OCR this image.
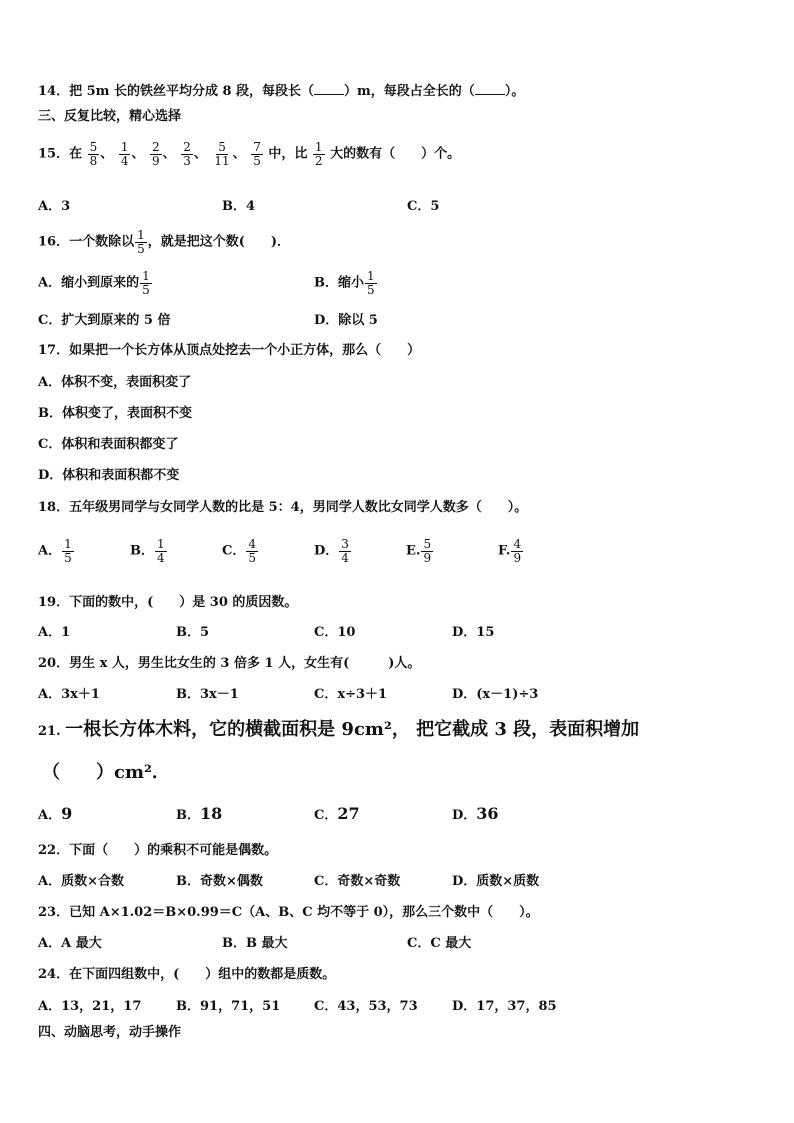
14．把 5m 长的铁丝平均分成 8 段，每段长（ ）m，每段占全长的（ ）。
三、反复比较，精心选择
15．在 $\frac{5}{8}$ 、 $\frac{1}{4}$ 、 $\frac{2}{9}$ 、 $\frac{2}{3}$ 、 $\frac{5}{11}$ 、 $\frac{7}{5}$ 中，比 $\frac{1}{2}$ 大的数有（　　）个。
A．3	B．4	C．5
16．一个数除以 $\frac{1}{5}$ ，就是把这个数(　　)．
A．缩小到原来的 $\frac{1}{5}$	B．缩小 $\frac{1}{5}$
C．扩大到原来的 5 倍	D．除以 5
17．如果把一个长方体从顶点处挖去一个小正方体，那么（　　）
A．体积不变，表面积変了
B．体积变了，表面积不变
C．体积和表面积都变了
D．体积和表面积都不变
18．五年级男同学与女同学人数的比是 5：4，男同学人数比女同学人数多（　　）。
A． $\frac{1}{5}$	B． $\frac{1}{4}$	C． $\frac{4}{5}$	D． $\frac{3}{4}$	E. $\frac{5}{9}$	F. $\frac{4}{9}$
19．下面的数中，(　　）是 30 的质因数。
A．1	B．5	C．10	D．15
20．男生 x 人，男生比女生的 3 倍多 1 人，女生有(　　　)人。
A．3x＋1	B．3x－1	C．x÷3＋1	D．(x－1)÷3
21. 一根长方体木料，它的横截面积是 9cm²， 把它截成 3 段，表面积增加
（　　）cm²．
A．9	B．18	C．27	D．36
22．下面（　　）的乘积不可能是偶数。
A．质数×合数	B．奇数×偶数	C．奇数×奇数	D．质数×质数
23．已知 A×1.02＝B×0.99＝C（A、B、C 均不等于 0），那么三个数中（　　）。
A．A 最大	B．B 最大	C．C 最大
24．在下面四组数中，(　　）组中的数都是质数。
A．13，21，17	B．91，71，51	C．43，53，73	D．17，37，85
四、动脑思考，动手操作
